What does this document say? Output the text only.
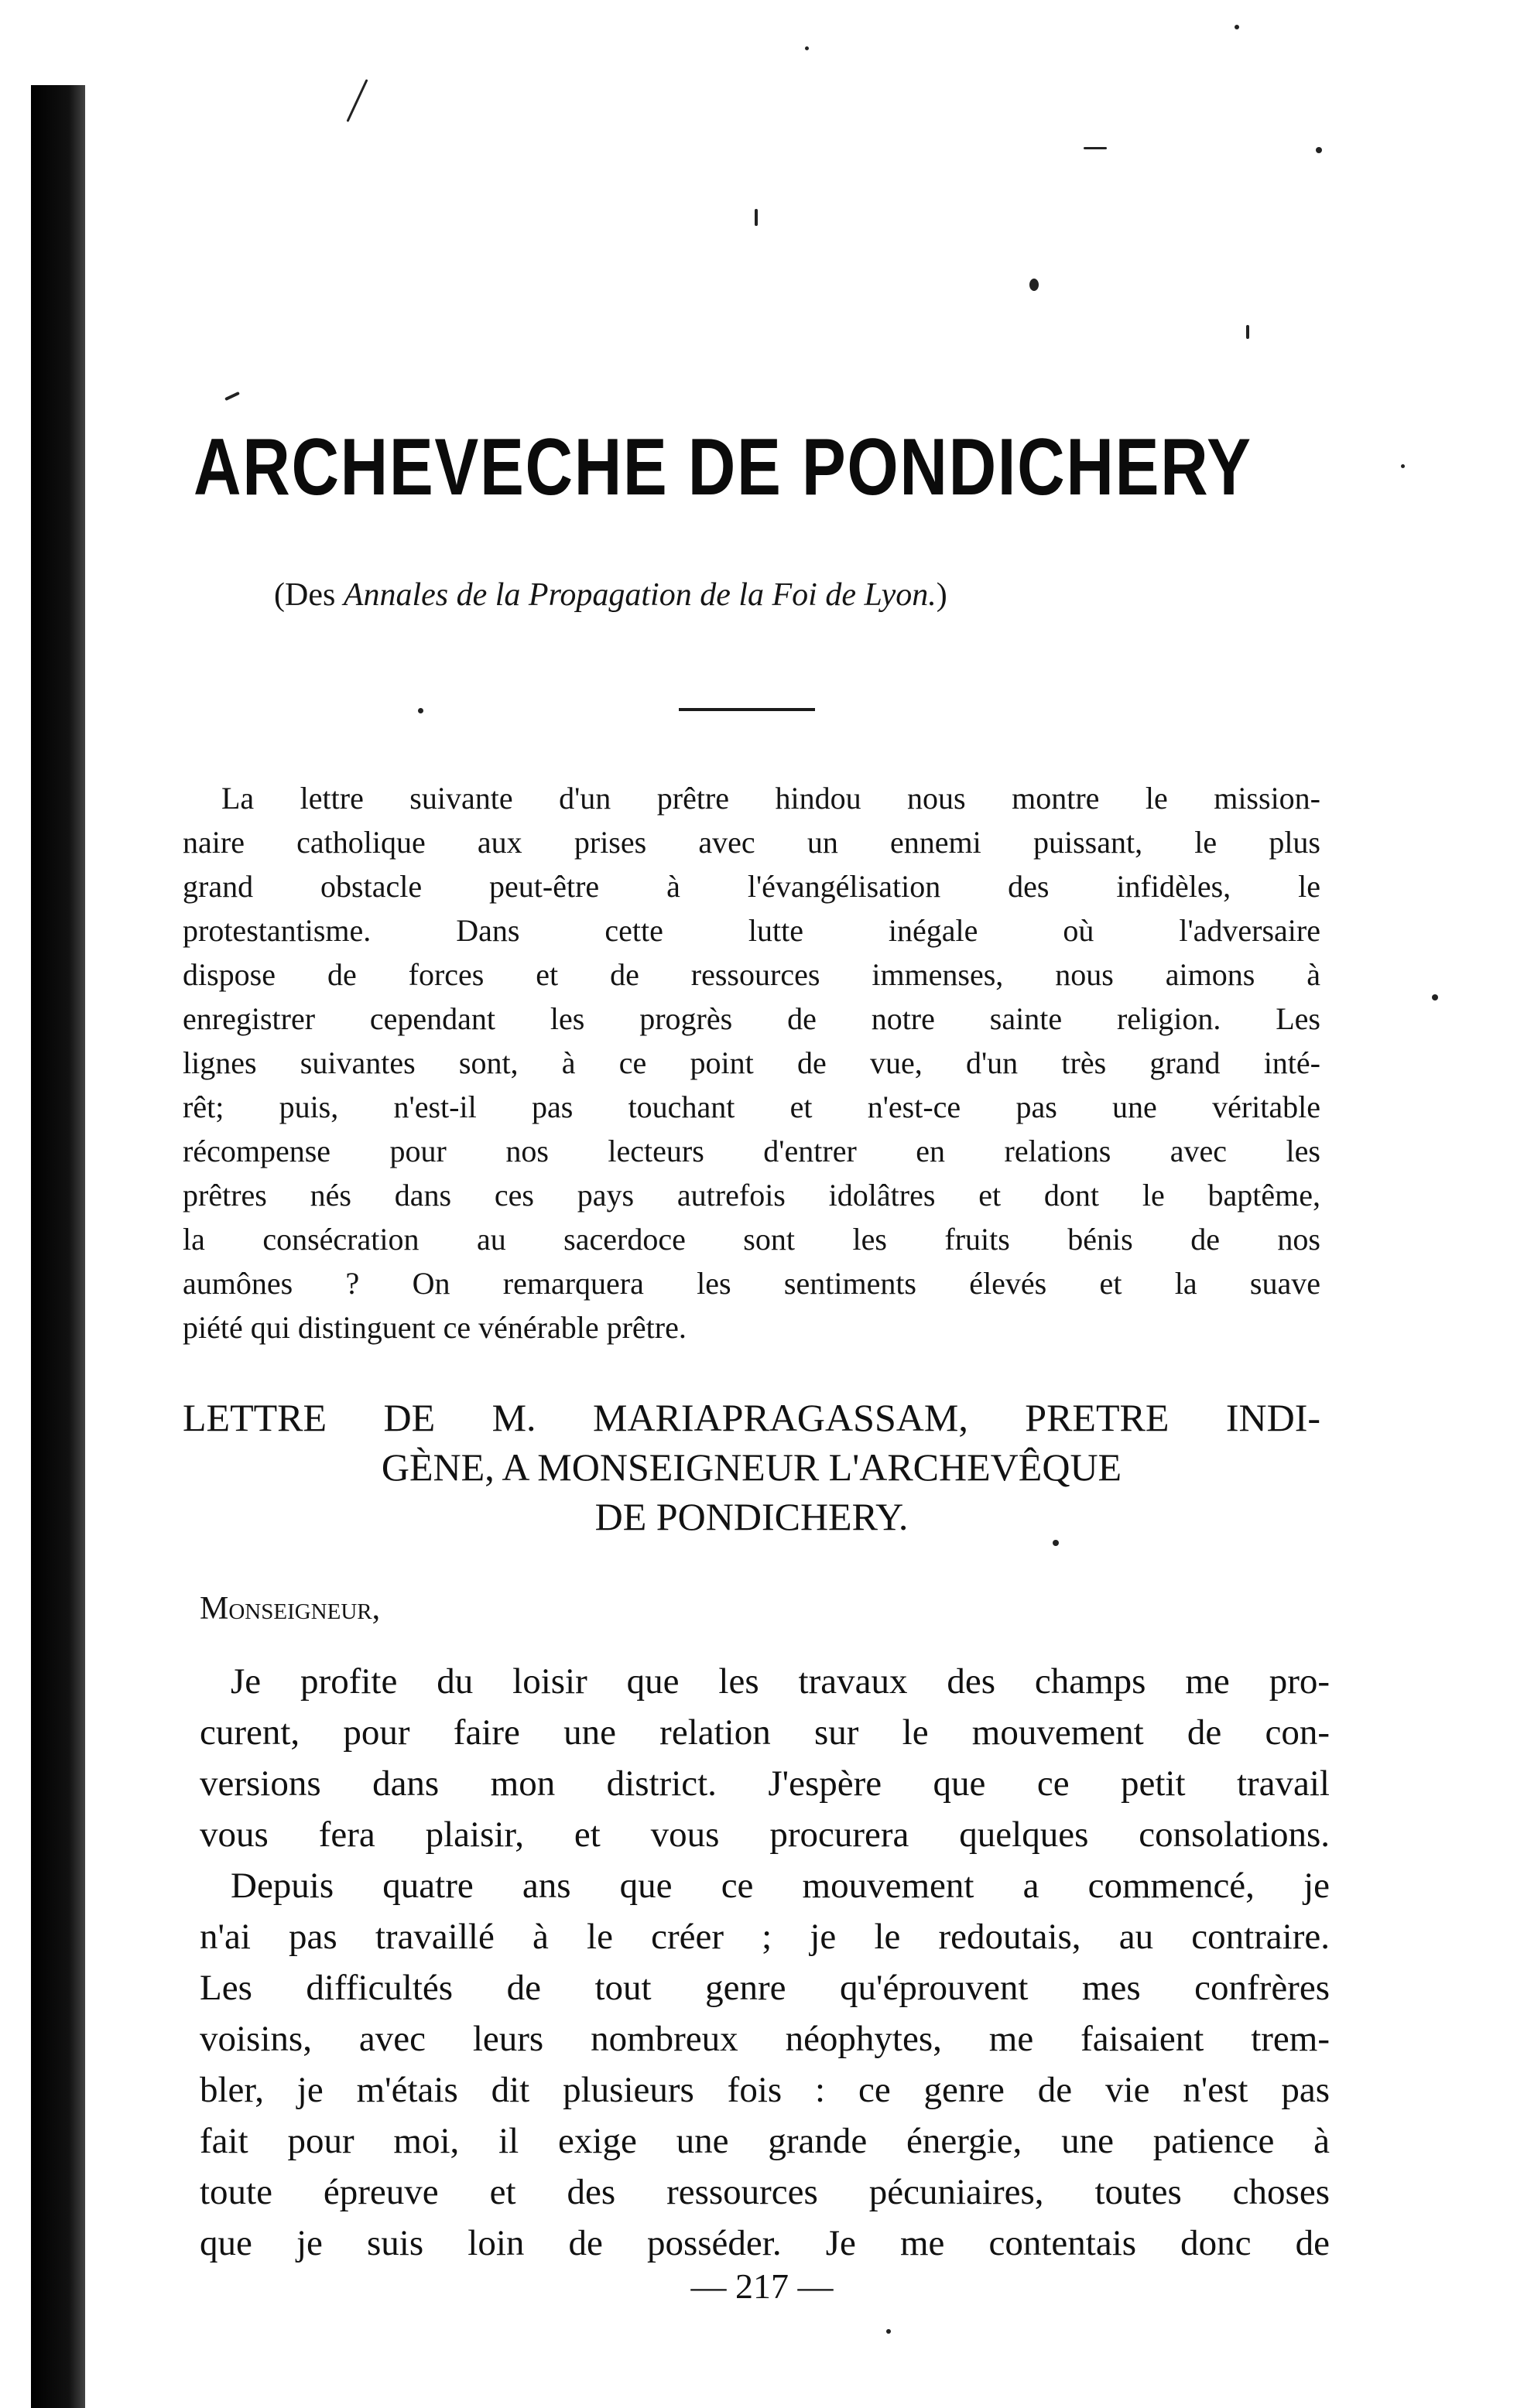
ARCHEVECHE DE PONDICHERY

(Des Annales de la Propagation de la Foi de Lyon.)

La lettre suivante d'un prêtre hindou nous montre le mission-
naire catholique aux prises avec un ennemi puissant, le plus
grand obstacle peut-être à l'évangélisation des infidèles, le
protestantisme. Dans cette lutte inégale où l'adversaire
dispose de forces et de ressources immenses, nous aimons à
enregistrer cependant les progrès de notre sainte religion. Les
lignes suivantes sont, à ce point de vue, d'un très grand inté-
rêt; puis, n'est-il pas touchant et n'est-ce pas une véritable
récompense pour nos lecteurs d'entrer en relations avec les
prêtres nés dans ces pays autrefois idolâtres et dont le baptême,
la consécration au sacerdoce sont les fruits bénis de nos
aumônes ? On remarquera les sentiments élevés et la suave
piété qui distinguent ce vénérable prêtre.
LETTRE DE M. MARIAPRAGASSAM, PRETRE INDI-
GÈNE, A MONSEIGNEUR L'ARCHEVÊQUE
DE PONDICHERY.

Monseigneur,

Je profite du loisir que les travaux des champs me pro-
curent, pour faire une relation sur le mouvement de con-
versions dans mon district. J'espère que ce petit travail
vous fera plaisir, et vous procurera quelques consolations.
Depuis quatre ans que ce mouvement a commencé, je
n'ai pas travaillé à le créer ; je le redoutais, au contraire.
Les difficultés de tout genre qu'éprouvent mes confrères
voisins, avec leurs nombreux néophytes, me faisaient trem-
bler, je m'étais dit plusieurs fois : ce genre de vie n'est pas
fait pour moi, il exige une grande énergie, une patience à
toute épreuve et des ressources pécuniaires, toutes choses
que je suis loin de posséder. Je me contentais donc de

— 217 —
